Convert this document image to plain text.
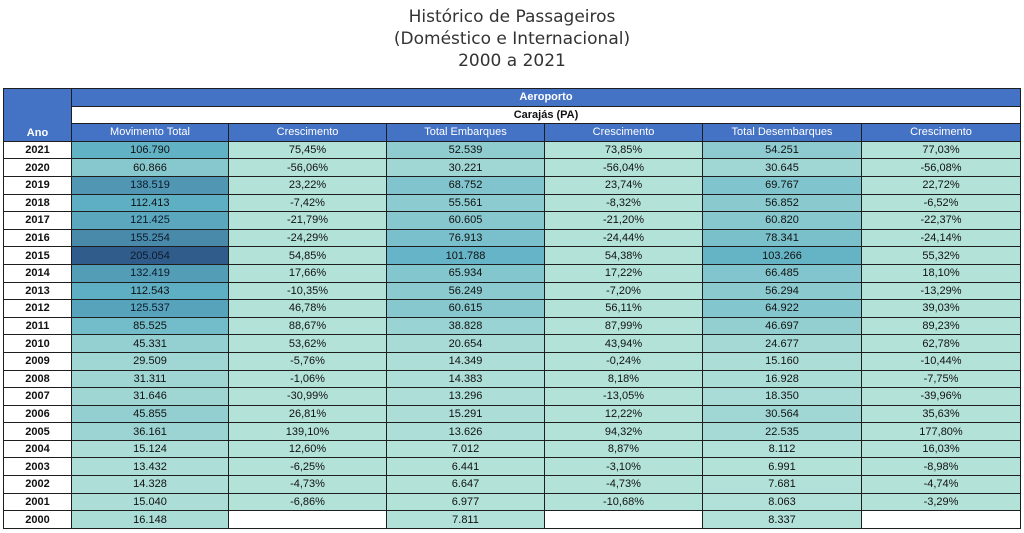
Histórico de Passageiros
(Doméstico e Internacional)
2000 a 2021
Ano	Aeroporto					
	Carajás (PA)					
	Movimento Total	Crescimento	Total Embarques	Crescimento	Total Desembarques	Crescimento
2021	106.790	75,45%	52.539	73,85%	54.251	77,03%
2020	60.866	-56,06%	30.221	-56,04%	30.645	-56,08%
2019	138.519	23,22%	68.752	23,74%	69.767	22,72%
2018	112.413	-7,42%	55.561	-8,32%	56.852	-6,52%
2017	121.425	-21,79%	60.605	-21,20%	60.820	-22,37%
2016	155.254	-24,29%	76.913	-24,44%	78.341	-24,14%
2015	205.054	54,85%	101.788	54,38%	103.266	55,32%
2014	132.419	17,66%	65.934	17,22%	66.485	18,10%
2013	112.543	-10,35%	56.249	-7,20%	56.294	-13,29%
2012	125.537	46,78%	60.615	56,11%	64.922	39,03%
2011	85.525	88,67%	38.828	87,99%	46.697	89,23%
2010	45.331	53,62%	20.654	43,94%	24.677	62,78%
2009	29.509	-5,76%	14.349	-0,24%	15.160	-10,44%
2008	31.311	-1,06%	14.383	8,18%	16.928	-7,75%
2007	31.646	-30,99%	13.296	-13,05%	18.350	-39,96%
2006	45.855	26,81%	15.291	12,22%	30.564	35,63%
2005	36.161	139,10%	13.626	94,32%	22.535	177,80%
2004	15.124	12,60%	7.012	8,87%	8.112	16,03%
2003	13.432	-6,25%	6.441	-3,10%	6.991	-8,98%
2002	14.328	-4,73%	6.647	-4,73%	7.681	-4,74%
2001	15.040	-6,86%	6.977	-10,68%	8.063	-3,29%
2000	16.148		7.811		8.337	
